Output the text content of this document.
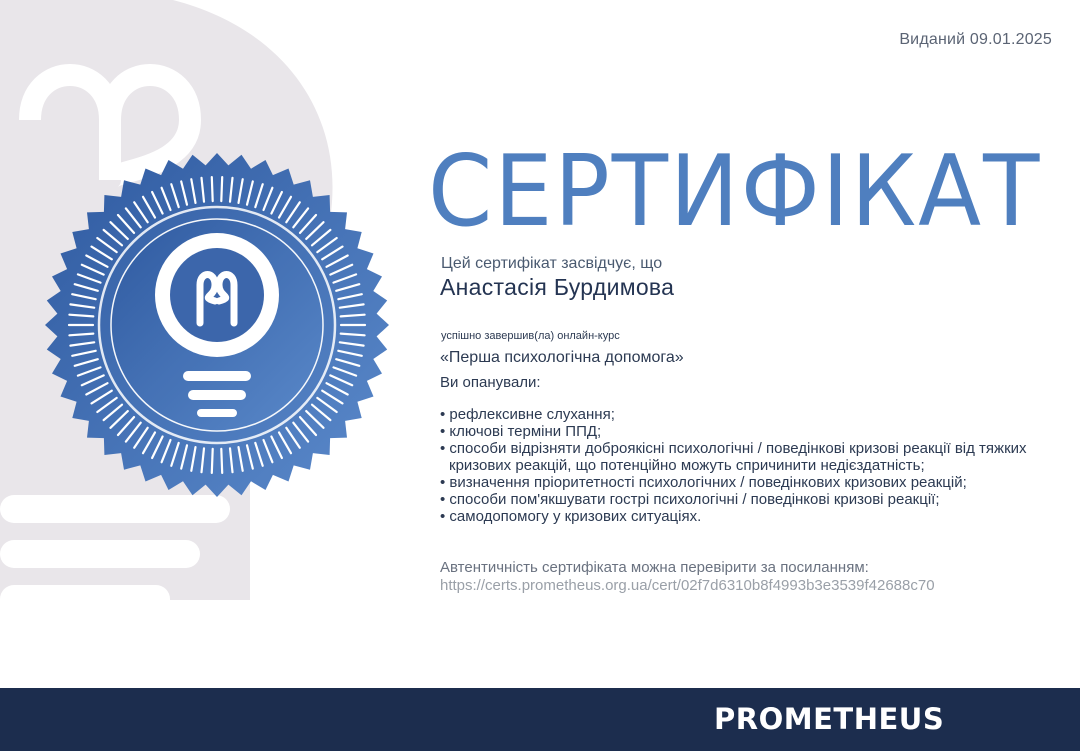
Виданий 09.01.2025
СЕРТИФІКАТ
Цей сертифікат засвідчує, що
Анастасія Бурдимова
успішно завершив(ла) онлайн-курс
«Перша психологічна допомога»
Ви опанували:
• рефлексивне слухання;
• ключові терміни ППД;
• способи відрізняти доброякісні психологічні / поведінкові кризові реакції від тяжких кризових реакцій, що потенційно можуть спричинити недієздатність;
• визначення пріоритетності психологічних / поведінкових кризових реакцій;
• способи пом'якшувати гострі психологічні / поведінкові кризові реакції;
• самодопомогу у кризових ситуаціях.
Автентичність сертифіката можна перевірити за посиланням:
https://certs.prometheus.org.ua/cert/02f7d6310b8f4993b3e3539f42688c70
PROMETHEUS
